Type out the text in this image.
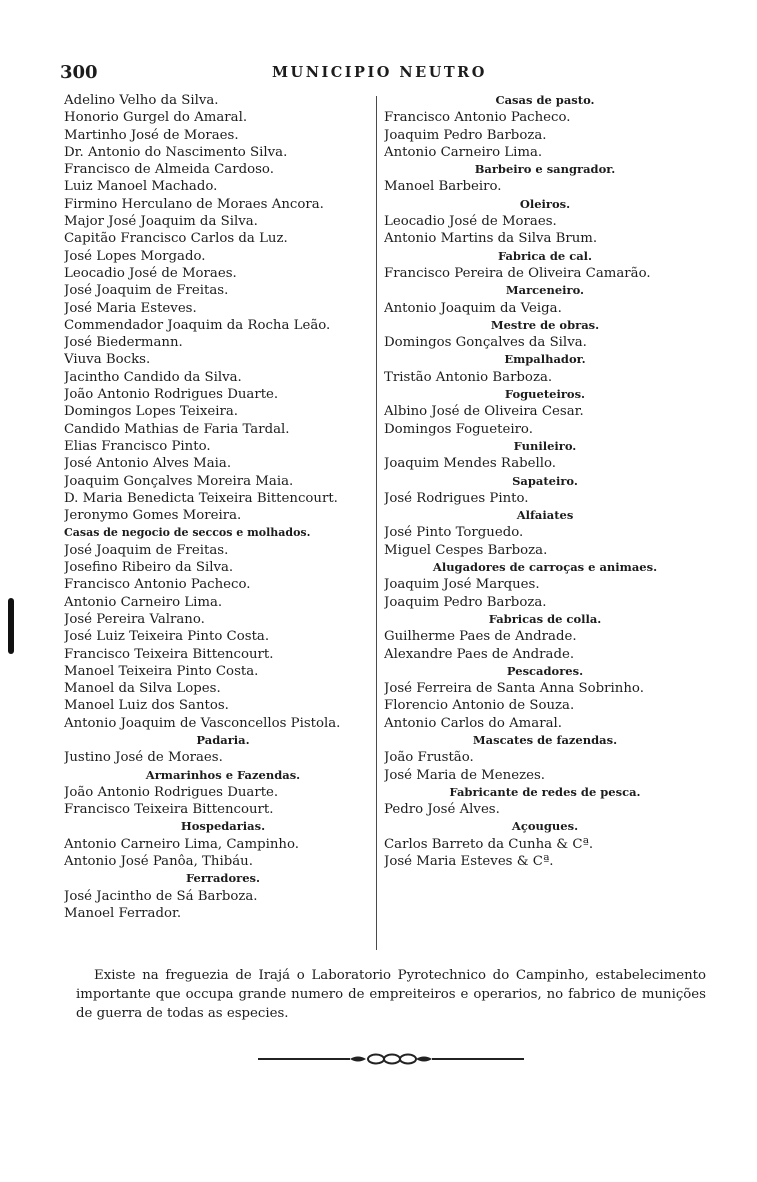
300	MUNICIPIO NEUTRO
Adelino Velho da Silva.
Honorio Gurgel do Amaral.
Martinho José de Moraes.
Dr. Antonio do Nascimento Silva.
Francisco de Almeida Cardoso.
Luiz Manoel Machado.
Firmino Herculano de Moraes Ancora.
Major José Joaquim da Silva.
Capitão Francisco Carlos da Luz.
José Lopes Morgado.
Leocadio José de Moraes.
José Joaquim de Freitas.
José Maria Esteves.
Commendador Joaquim da Rocha Leão.
José Biedermann.
Viuva Bocks.
Jacintho Candido da Silva.
João Antonio Rodrigues Duarte.
Domingos Lopes Teixeira.
Candido Mathias de Faria Tardal.
Elias Francisco Pinto.
José Antonio Alves Maia.
Joaquim Gonçalves Moreira Maia.
D. Maria Benedicta Teixeira Bittencourt.
Jeronymo Gomes Moreira.
Casas de negocio de seccos e molhados.
José Joaquim de Freitas.
Josefino Ribeiro da Silva.
Francisco Antonio Pacheco.
Antonio Carneiro Lima.
José Pereira Valrano.
José Luiz Teixeira Pinto Costa.
Francisco Teixeira Bittencourt.
Manoel Teixeira Pinto Costa.
Manoel da Silva Lopes.
Manoel Luiz dos Santos.
Antonio Joaquim de Vasconcellos Pistola.
Padaria.
Justino José de Moraes.
Armarinhos e Fazendas.
João Antonio Rodrigues Duarte.
Francisco Teixeira Bittencourt.
Hospedarias.
Antonio Carneiro Lima, Campinho.
Antonio José Panôa, Thibáu.
Ferradores.
José Jacintho de Sá Barboza.
Manoel Ferrador.
Casas de pasto.
Francisco Antonio Pacheco.
Joaquim Pedro Barboza.
Antonio Carneiro Lima.
Barbeiro e sangrador.
Manoel Barbeiro.
Oleiros.
Leocadio José de Moraes.
Antonio Martins da Silva Brum.
Fabrica de cal.
Francisco Pereira de Oliveira Camarão.
Marceneiro.
Antonio Joaquim da Veiga.
Mestre de obras.
Domingos Gonçalves da Silva.
Empalhador.
Tristão Antonio Barboza.
Fogueteiros.
Albino José de Oliveira Cesar.
Domingos Fogueteiro.
Funileiro.
Joaquim Mendes Rabello.
Sapateiro.
José Rodrigues Pinto.
Alfaiates
José Pinto Torguedo.
Miguel Cespes Barboza.
Alugadores de carroças e animaes.
Joaquim José Marques.
Joaquim Pedro Barboza.
Fabricas de colla.
Guilherme Paes de Andrade.
Alexandre Paes de Andrade.
Pescadores.
José Ferreira de Santa Anna Sobrinho.
Florencio Antonio de Souza.
Antonio Carlos do Amaral.
Mascates de fazendas.
João Frustão.
José Maria de Menezes.
Fabricante de redes de pesca.
Pedro José Alves.
Açougues.
Carlos Barreto da Cunha & Cª.
José Maria Esteves & Cª.
Existe na freguezia de Irajá o Laboratorio Pyrotechnico do Campinho, estabelecimento importante que occupa grande numero de empreiteiros e operarios, no fabrico de munições de guerra de todas as especies.
